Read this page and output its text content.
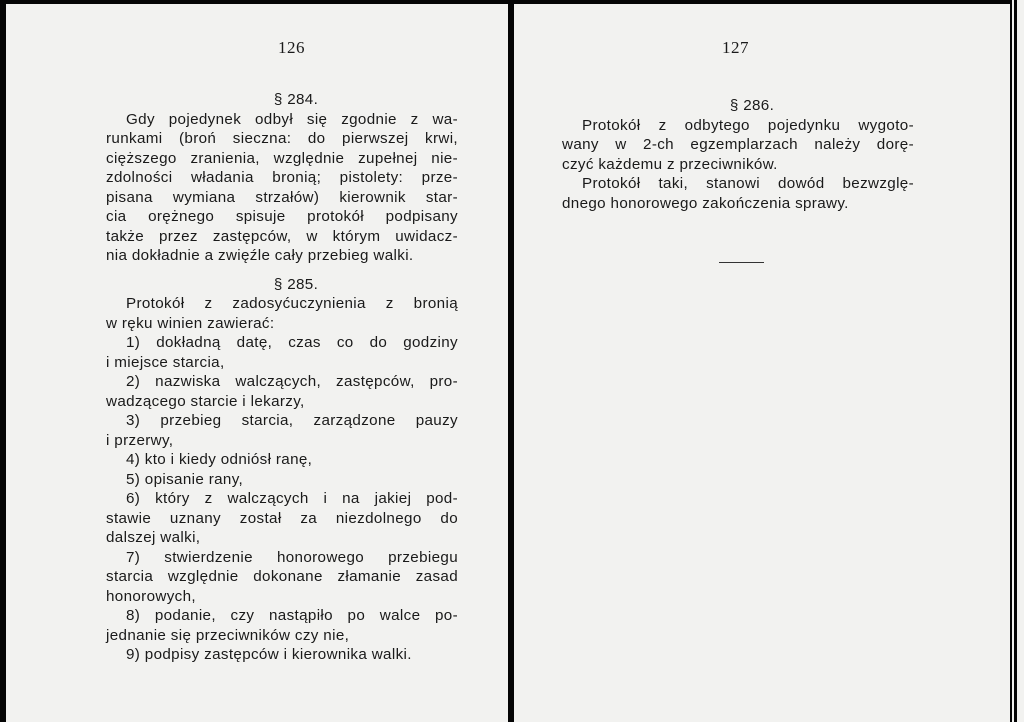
126
§ 284.
Gdy pojedynek odbył się zgodnie z wa-
runkami (broń sieczna: do pierwszej krwi,
cięższego zranienia, względnie zupełnej nie-
zdolności władania bronią; pistolety: prze-
pisana wymiana strzałów) kierownik star-
cia orężnego spisuje protokół podpisany
także przez zastępców, w którym uwidacz-
nia dokładnie a zwięźle cały przebieg walki.
§ 285.
Protokół z zadosyćuczynienia z bronią
w ręku winien zawierać:
1) dokładną datę, czas co do godziny
i miejsce starcia,
2) nazwiska walczących, zastępców, pro-
wadzącego starcie i lekarzy,
3) przebieg starcia, zarządzone pauzy
i przerwy,
4) kto i kiedy odniósł ranę,
5) opisanie rany,
6) który z walczących i na jakiej pod-
stawie uznany został za niezdolnego do
dalszej walki,
7) stwierdzenie honorowego przebiegu
starcia względnie dokonane złamanie zasad
honorowych,
8) podanie, czy nastąpiło po walce po-
jednanie się przeciwników czy nie,
9) podpisy zastępców i kierownika walki.
127
§ 286.
Protokół z odbytego pojedynku wygoto-
wany w 2-ch egzemplarzach należy dorę-
czyć każdemu z przeciwników.
Protokół taki, stanowi dowód bezwzglę-
dnego honorowego zakończenia sprawy.
